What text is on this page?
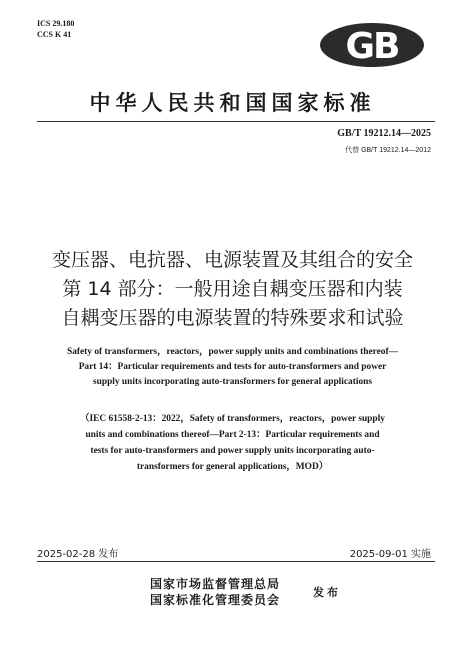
ICS 29.180
CCS K 41	GB
中华人民共和国国家标准
GB/T 19212.14—2025
代替 GB/T 19212.14—2012
变压器、电抗器、电源装置及其组合的安全
第 14 部分：一般用途自耦变压器和内装
自耦变压器的电源装置的特殊要求和试验
Safety of transformers，reactors，power supply units and combinations thereof—
Part 14：Particular requirements and tests for auto-transformers and power
supply units incorporating auto-transformers for general applications
（IEC 61558-2-13：2022，Safety of transformers，reactors，power supply
units and combinations thereof—Part 2-13：Particular requirements and
tests for auto-transformers and power supply units incorporating auto-
transformers for general applications，MOD）
2025-02-28 发布	2025-09-01 实施
国家市场监督管理总局
国家标准化管理委员会
发布
